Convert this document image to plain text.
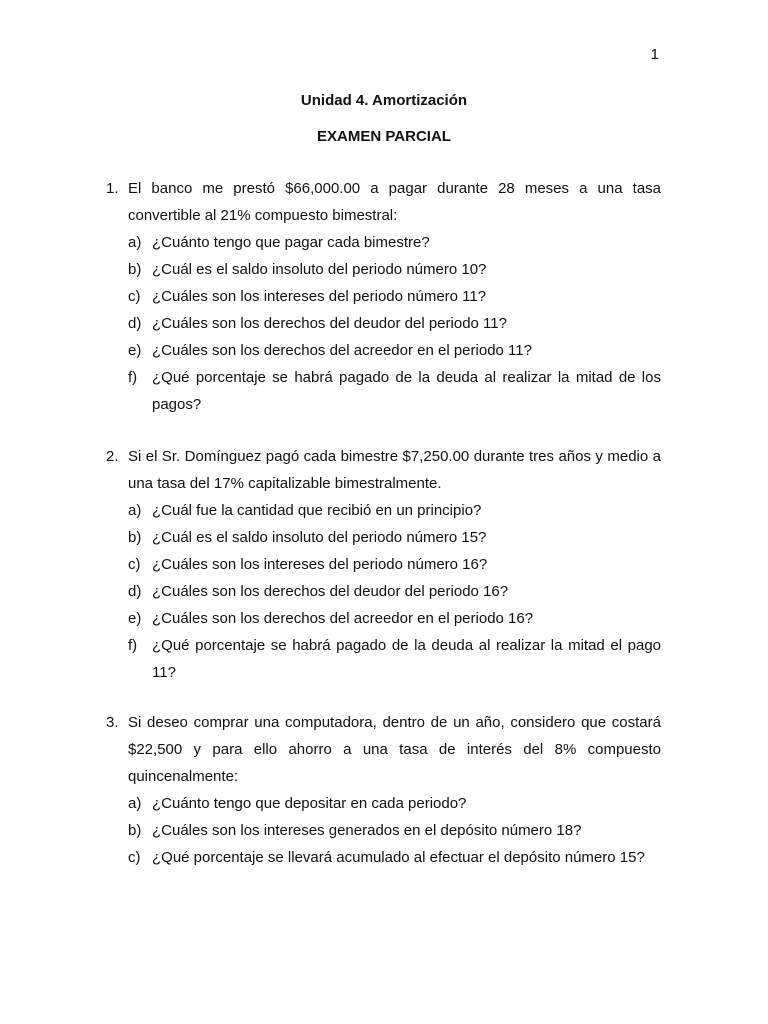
1
Unidad 4. Amortización
EXAMEN PARCIAL
1. El banco me prestó $66,000.00 a pagar durante 28 meses a una tasa convertible al 21% compuesto bimestral:
a) ¿Cuánto tengo que pagar cada bimestre?
b) ¿Cuál es el saldo insoluto del periodo número 10?
c) ¿Cuáles son los intereses del periodo número 11?
d) ¿Cuáles son los derechos del deudor del periodo 11?
e) ¿Cuáles son los derechos del acreedor en el periodo 11?
f) ¿Qué porcentaje se habrá pagado de la deuda al realizar la mitad de los pagos?
2. Si el Sr. Domínguez pagó cada bimestre $7,250.00 durante tres años y medio a una tasa del 17% capitalizable bimestralmente.
a) ¿Cuál fue la cantidad que recibió en un principio?
b) ¿Cuál es el saldo insoluto del periodo número 15?
c) ¿Cuáles son los intereses del periodo número 16?
d) ¿Cuáles son los derechos del deudor del periodo 16?
e) ¿Cuáles son los derechos del acreedor en el periodo 16?
f) ¿Qué porcentaje se habrá pagado de la deuda al realizar la mitad el pago 11?
3. Si deseo comprar una computadora, dentro de un año, considero que costará $22,500 y para ello ahorro a una tasa de interés del 8% compuesto quincenalmente:
a) ¿Cuánto tengo que depositar en cada periodo?
b) ¿Cuáles son los intereses generados en el depósito número 18?
c) ¿Qué porcentaje se llevará acumulado al efectuar el depósito número 15?
